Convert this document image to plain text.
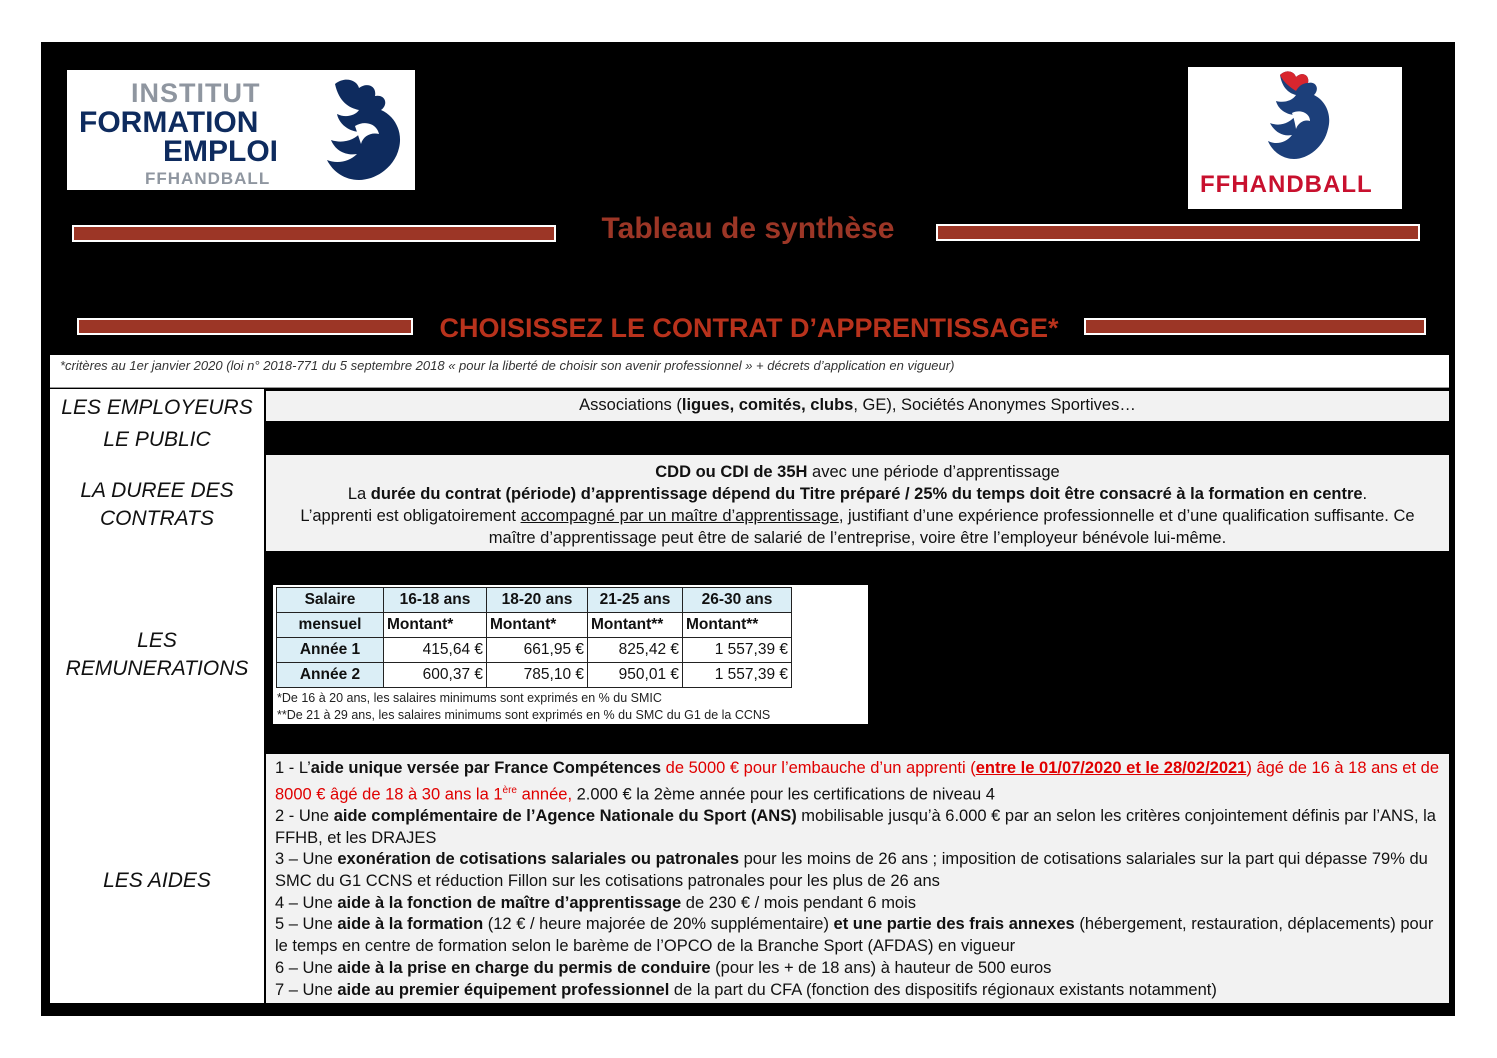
INSTITUT
FORMATION
EMPLOI
FFHANDBALL	FFHANDBALL
Tableau de synthèse
CHOISISSEZ LE CONTRAT D’APPRENTISSAGE*
*critères au 1er janvier 2020 (loi n° 2018-771 du 5 septembre 2018 « pour la liberté de choisir son avenir professionnel » + décrets d’application en vigueur)
LES EMPLOYEURS
LE PUBLIC
LA DUREE DES
CONTRATS
LES
REMUNERATIONS
LES AIDES
Associations (ligues, comités, clubs, GE), Sociétés Anonymes Sportives…
CDD ou CDI de 35H avec une période d’apprentissage
La durée du contrat (période) d’apprentissage dépend du Titre préparé / 25% du temps doit être consacré à la formation en centre.
L’apprenti est obligatoirement accompagné par un maître d’apprentissage, justifiant d’une expérience professionnelle et d’une qualification suffisante. Ce maître d’apprentissage peut être de salarié de l’entreprise, voire être l’employeur bénévole lui-même.
Salaire	16-18 ans	18-20 ans	21-25 ans	26-30 ans
mensuel	Montant*	Montant*	Montant**	Montant**
Année 1	415,64 €	661,95 €	825,42 €	1 557,39 €
Année 2	600,37 €	785,10 €	950,01 €	1 557,39 €
*De 16 à 20 ans, les salaires minimums sont exprimés en % du SMIC
**De 21 à 29 ans, les salaires minimums sont exprimés en % du SMC du G1 de la CCNS
1 - L’aide unique versée par France Compétences de 5000 € pour l’embauche d’un apprenti (entre le 01/07/2020 et le 28/02/2021) âgé de 16 à 18 ans et de 8000 € âgé de 18 à 30 ans la 1ère année, 2.000 € la 2ème année pour les certifications de niveau 4
2 - Une aide complémentaire de l’Agence Nationale du Sport (ANS) mobilisable jusqu’à 6.000 € par an selon les critères conjointement définis par l’ANS, la FFHB, et les DRAJES
3 – Une exonération de cotisations salariales ou patronales pour les moins de 26 ans ; imposition de cotisations salariales sur la part qui dépasse 79% du SMC du G1 CCNS et réduction Fillon sur les cotisations patronales pour les plus de 26 ans
4 – Une aide à la fonction de maître d’apprentissage de 230 € / mois pendant 6 mois
5 – Une aide à la formation (12 € / heure majorée de 20% supplémentaire) et une partie des frais annexes (hébergement, restauration, déplacements) pour le temps en centre de formation selon le barème de l’OPCO de la Branche Sport (AFDAS) en vigueur
6 – Une aide à la prise en charge du permis de conduire (pour les + de 18 ans) à hauteur de 500 euros
7 – Une aide au premier équipement professionnel de la part du CFA (fonction des dispositifs régionaux existants notamment)
